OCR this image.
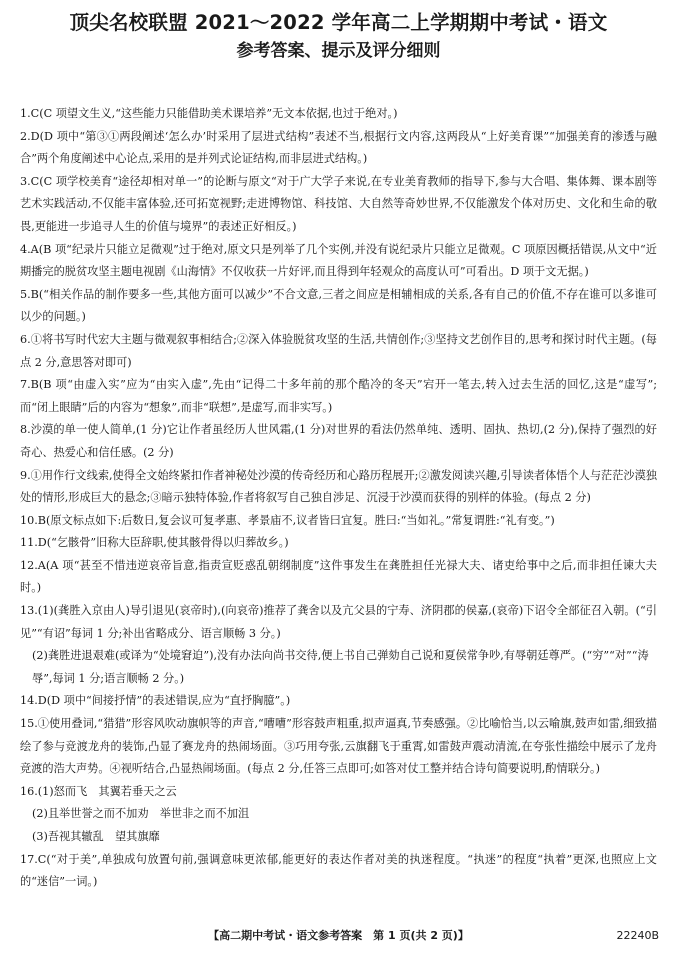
顶尖名校联盟 2021～2022 学年高二上学期期中考试・语文
参考答案、提示及评分细则

1.C(C 项望文生义,“这些能力只能借助美术课培养”无文本依据,也过于绝对。)

2.D(D 项中“第③①两段阐述‘怎么办’时采用了层进式结构”表述不当,根据行文内容,这两段从“上好美育课”“加强美育的渗透与融合”两个角度阐述中心论点,采用的是并列式论证结构,而非层进式结构。)

3.C(C 项学校美育“途径却相对单一”的论断与原文“对于广大学子来说,在专业美育教师的指导下,参与大合唱、集体舞、课本剧等艺术实践活动,不仅能丰富体验,还可拓宽视野;走进博物馆、科技馆、大自然等奇妙世界,不仅能激发个体对历史、文化和生命的敬畏,更能进一步追寻人生的价值与境界”的表述正好相反。)

4.A(B 项“纪录片只能立足微观”过于绝对,原文只是列举了几个实例,并没有说纪录片只能立足微观。C 项原因概括错误,从文中“近期播完的脱贫攻坚主题电视剧《山海情》不仅收获一片好评,而且得到年轻观众的高度认可”可看出。D 项于文无据。)

5.B(“相关作品的制作要多一些,其他方面可以减少”不合文意,三者之间应是相辅相成的关系,各有自己的价值,不存在谁可以多谁可以少的问题。)

6.①将书写时代宏大主题与微观叙事相结合;②深入体验脱贫攻坚的生活,共情创作;③坚持文艺创作目的,思考和探讨时代主题。(每点 2 分,意思答对即可)

7.B(B 项“由虚入实”应为“由实入虚”,先由“记得二十多年前的那个酷冷的冬天”宕开一笔去,转入过去生活的回忆,这是“虚写”;而“闭上眼睛”后的内容为“想象”,而非“联想”,是虚写,而非实写。)

8.沙漠的单一使人简单,(1 分)它让作者虽经历人世风霜,(1 分)对世界的看法仍然单纯、透明、固执、热切,(2 分),保持了强烈的好奇心、热爱心和信任感。(2 分)

9.①用作行文线索,使得全文始终紧扣作者神秘处沙漠的传奇经历和心路历程展开;②激发阅读兴趣,引导读者体悟个人与茫茫沙漠独处的情形,形成巨大的悬念;③暗示独特体验,作者将叙写自己独自涉足、沉浸于沙漠而获得的别样的体验。(每点 2 分)

10.B(原文标点如下:后数日,复会议可复孝惠、孝景庙不,议者皆曰宜复。胜曰:“当如礼。”常复谓胜:“礼有变。”)

11.D(“乞骸骨”旧称大臣辞职,使其骸骨得以归葬故乡。)

12.A(A 项“甚至不惜违逆哀帝旨意,指责宣贬惑乱朝纲制度”这件事发生在龚胜担任光禄大夫、诸吏给事中之后,而非担任谏大夫时。)

13.(1)(龚胜入京由人)导引退见(哀帝时),(向哀帝)推荐了龚舍以及亢父县的宁寿、济阴郡的侯嘉,(哀帝)下诏令全部征召入朝。(“引见”“有诏”每词 1 分;补出省略成分、语言顺畅 3 分。)

(2)龚胜进退艰难(或译为“处境窘迫”),没有办法向尚书交待,便上书自己弹劾自己说和夏侯常争吵,有辱朝廷尊严。(“穷”“对”“涛辱”,每词 1 分;语言顺畅 2 分。)

14.D(D 项中“间接抒情”的表述错误,应为“直抒胸臆”。)

15.①使用叠词,“猎猎”形容风吹动旗帜等的声音,“嘈嘈”形容鼓声粗重,拟声逼真,节奏感强。②比喻恰当,以云喻旗,鼓声如雷,细致描绘了参与竞渡龙舟的装饰,凸显了赛龙舟的热闹场面。③巧用夸张,云旗翻飞于重霄,如雷鼓声震动清流,在夸张性描绘中展示了龙舟竞渡的浩大声势。④视听结合,凸显热闹场面。(每点 2 分,任答三点即可;如答对仗工整并结合诗句简要说明,酌情联分。)

16.(1)怒而飞　其翼若垂天之云

(2)且举世誉之而不加劝　举世非之而不加沮

(3)吾视其辙乱　望其旗靡

17.C(“对于美”,单独成句放置句前,强调意味更浓郁,能更好的表达作者对美的执迷程度。“执迷”的程度“执着”更深,也照应上文的“迷信”一词。)

【高二期中考试・语文参考答案　第 1 页(共 2 页)】	22240B
